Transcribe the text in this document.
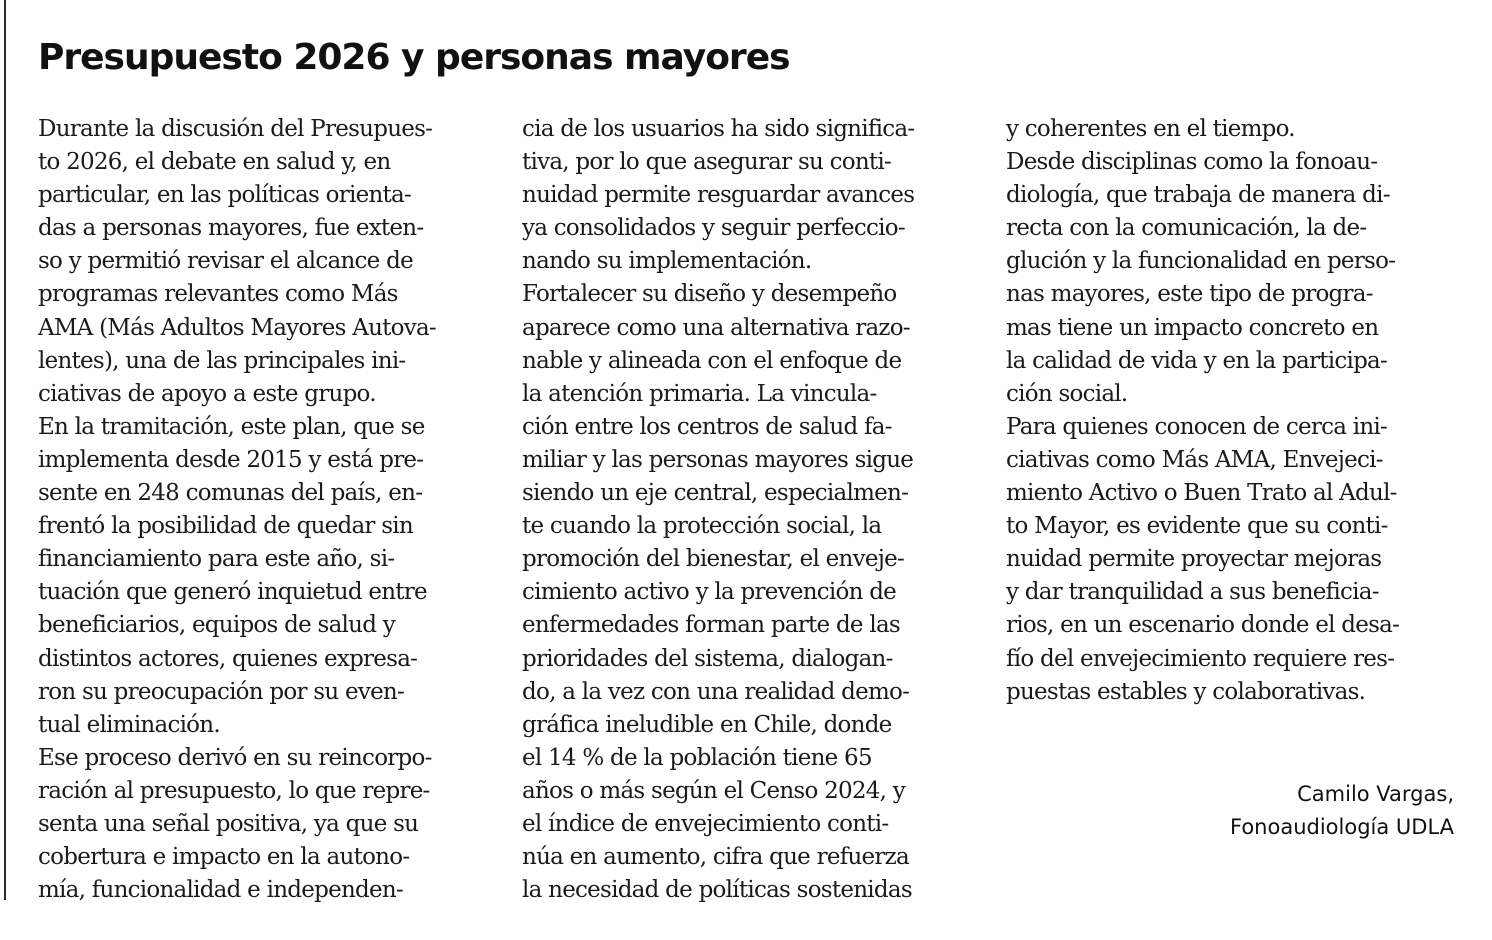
Presupuesto 2026 y personas mayores
Durante la discusión del Presupues-
to 2026, el debate en salud y, en
particular, en las políticas orienta-
das a personas mayores, fue exten-
so y permitió revisar el alcance de
programas relevantes como Más
AMA (Más Adultos Mayores Autova-
lentes), una de las principales ini-
ciativas de apoyo a este grupo.
En la tramitación, este plan, que se
implementa desde 2015 y está pre-
sente en 248 comunas del país, en-
frentó la posibilidad de quedar sin
financiamiento para este año, si-
tuación que generó inquietud entre
beneficiarios, equipos de salud y
distintos actores, quienes expresa-
ron su preocupación por su even-
tual eliminación.
Ese proceso derivó en su reincorpo-
ración al presupuesto, lo que repre-
senta una señal positiva, ya que su
cobertura e impacto en la autono-
mía, funcionalidad e independen-
cia de los usuarios ha sido significa-
tiva, por lo que asegurar su conti-
nuidad permite resguardar avances
ya consolidados y seguir perfeccio-
nando su implementación.
Fortalecer su diseño y desempeño
aparece como una alternativa razo-
nable y alineada con el enfoque de
la atención primaria. La vincula-
ción entre los centros de salud fa-
miliar y las personas mayores sigue
siendo un eje central, especialmen-
te cuando la protección social, la
promoción del bienestar, el enveje-
cimiento activo y la prevención de
enfermedades forman parte de las
prioridades del sistema, dialogan-
do, a la vez con una realidad demo-
gráfica ineludible en Chile, donde
el 14 % de la población tiene 65
años o más según el Censo 2024, y
el índice de envejecimiento conti-
núa en aumento, cifra que refuerza
la necesidad de políticas sostenidas
y coherentes en el tiempo.
Desde disciplinas como la fonoau-
diología, que trabaja de manera di-
recta con la comunicación, la de-
glución y la funcionalidad en perso-
nas mayores, este tipo de progra-
mas tiene un impacto concreto en
la calidad de vida y en la participa-
ción social.
Para quienes conocen de cerca ini-
ciativas como Más AMA, Envejeci-
miento Activo o Buen Trato al Adul-
to Mayor, es evidente que su conti-
nuidad permite proyectar mejoras
y dar tranquilidad a sus beneficia-
rios, en un escenario donde el desa-
fío del envejecimiento requiere res-
puestas estables y colaborativas.
Camilo Vargas,
Fonoaudiología UDLA
